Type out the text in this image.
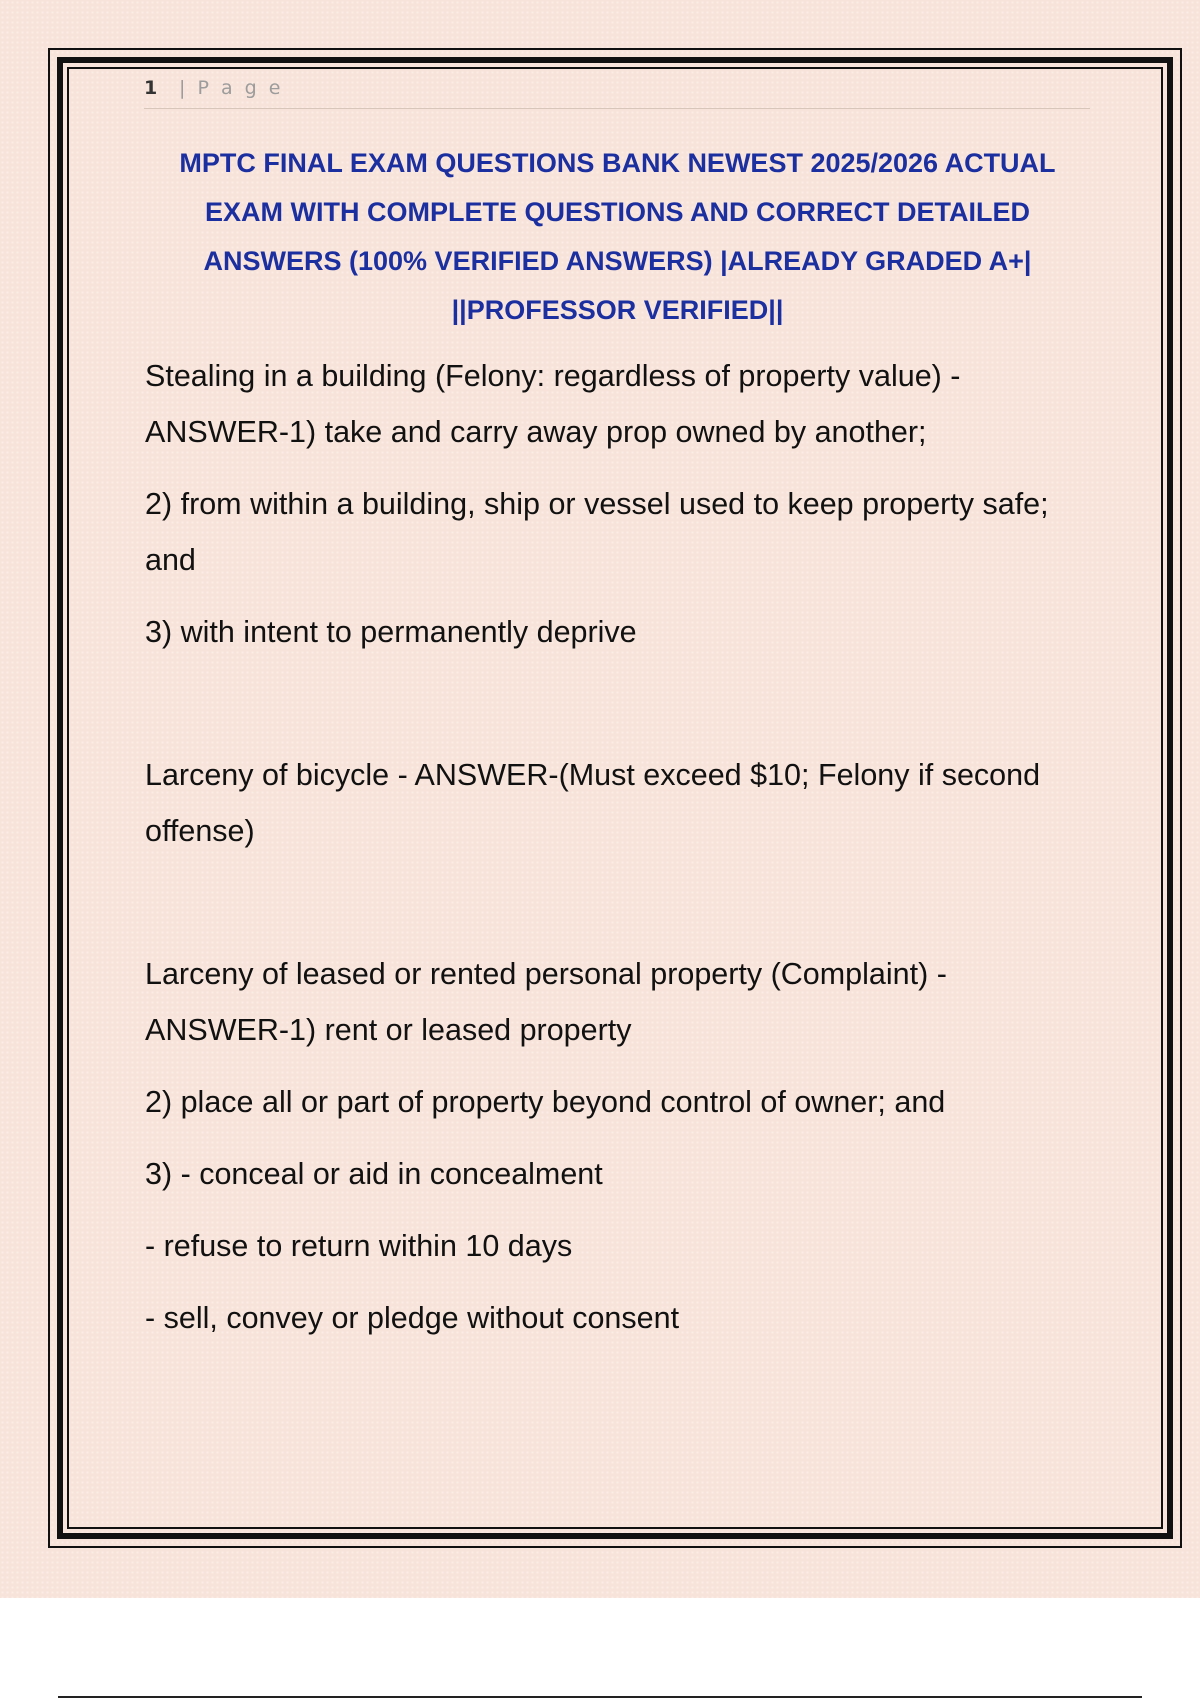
1 | P a g e
MPTC FINAL EXAM QUESTIONS BANK NEWEST 2025/2026 ACTUAL EXAM WITH COMPLETE QUESTIONS AND CORRECT DETAILED ANSWERS (100% VERIFIED ANSWERS) |ALREADY GRADED A+| ||PROFESSOR VERIFIED||

Stealing in a building (Felony: regardless of property value) - ANSWER-1) take and carry away prop owned by another;

2) from within a building, ship or vessel used to keep property safe; and

3) with intent to permanently deprive

Larceny of bicycle - ANSWER-(Must exceed $10; Felony if second offense)

Larceny of leased or rented personal property (Complaint) - ANSWER-1) rent or leased property

2) place all or part of property beyond control of owner; and

3) - conceal or aid in concealment

- refuse to return within 10 days

- sell, convey or pledge without consent
